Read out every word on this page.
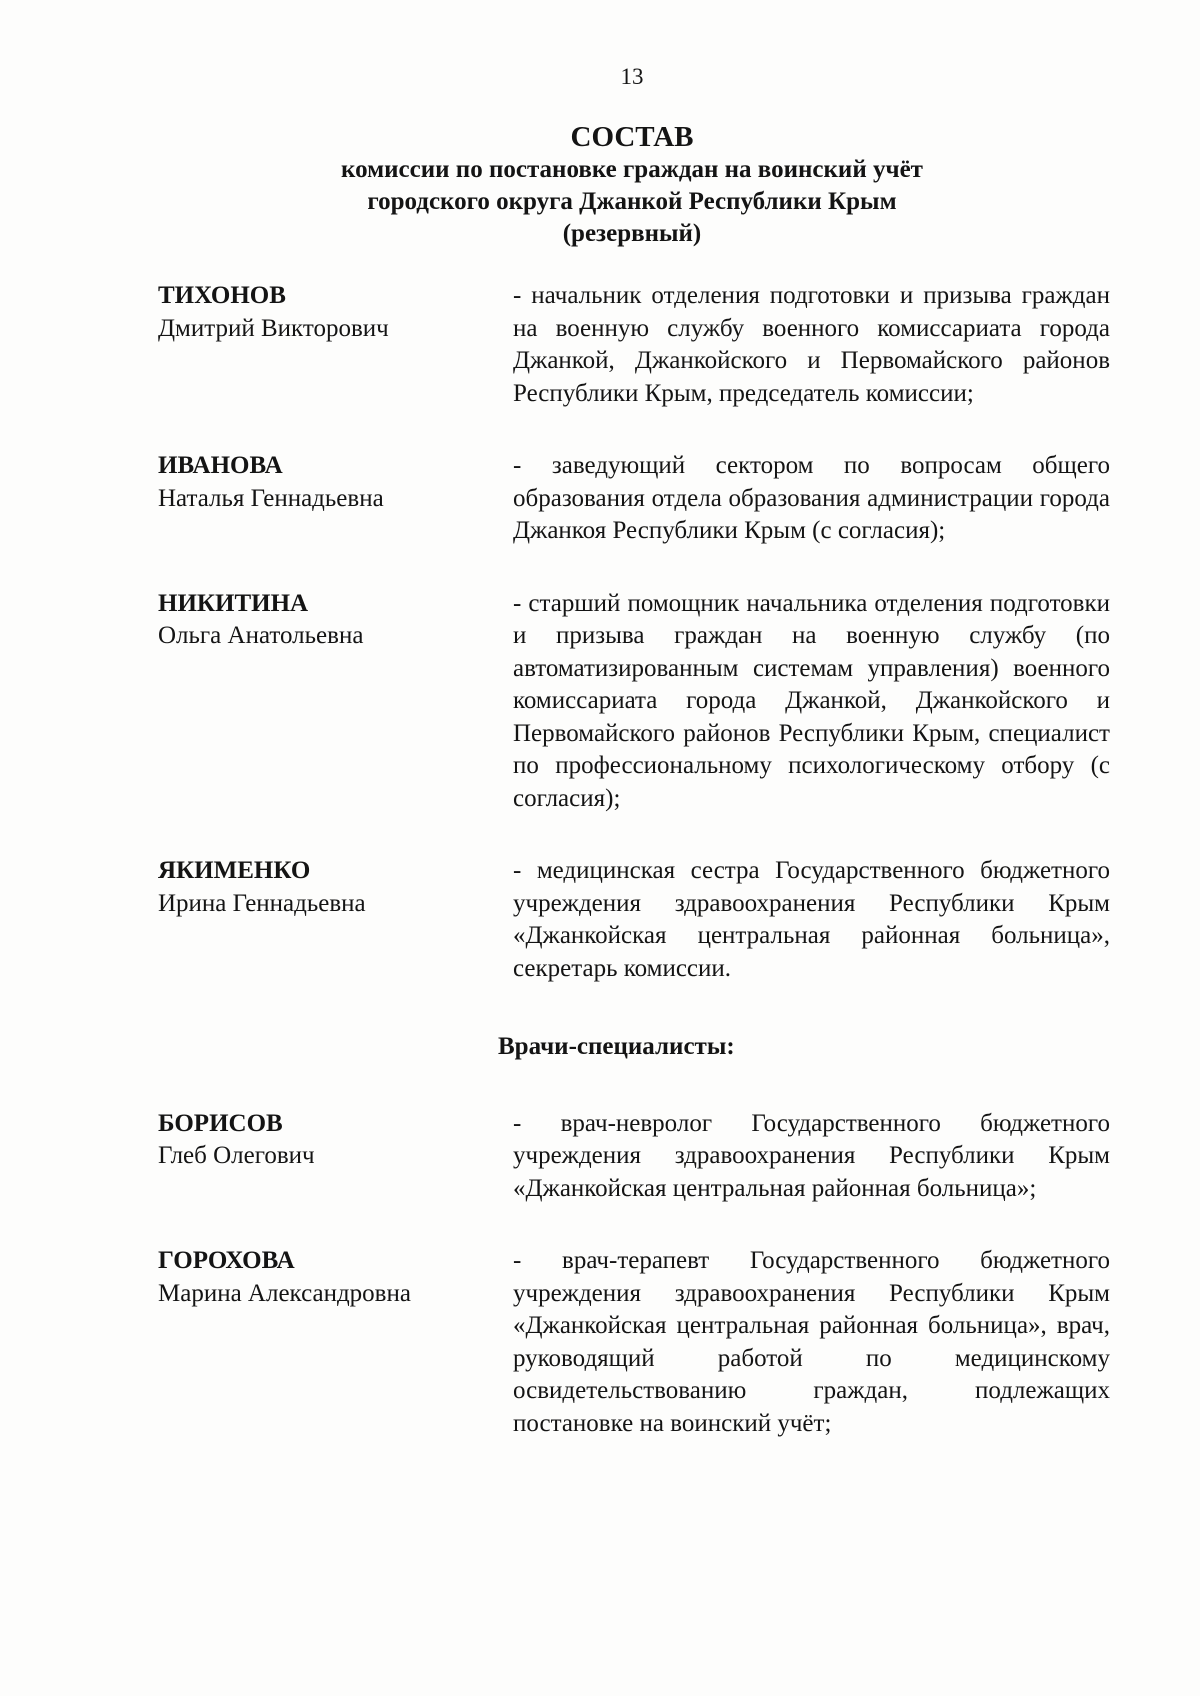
13
СОСТАВ
комиссии по постановке граждан на воинский учёт
городского округа Джанкой Республики Крым
(резервный)
ТИХОНОВ
Дмитрий Викторович
- начальник отделения подготовки и призыва граждан на военную службу военного комиссариата города Джанкой, Джанкойского и Первомайского районов Республики Крым, председатель комиссии;
ИВАНОВА
Наталья Геннадьевна
- заведующий сектором по вопросам общего образования отдела образования администрации города Джанкоя Республики Крым (с согласия);
НИКИТИНА
Ольга Анатольевна
- старший помощник начальника отделения подготовки и призыва граждан на военную службу (по автоматизированным системам управления) военного комиссариата города Джанкой, Джанкойского и Первомайского районов Республики Крым, специалист по профессиональному психологическому отбору (с согласия);
ЯКИМЕНКО
Ирина Геннадьевна
- медицинская сестра Государственного бюджетного учреждения здравоохранения Республики Крым «Джанкойская центральная районная больница», секретарь комиссии.
Врачи-специалисты:
БОРИСОВ
Глеб Олегович
- врач-невролог Государственного бюджетного учреждения здравоохранения Республики Крым «Джанкойская центральная районная больница»;
ГОРОХОВА
Марина Александровна
- врач-терапевт Государственного бюджетного учреждения здравоохранения Республики Крым «Джанкойская центральная районная больница», врач, руководящий работой по медицинскому освидетельствованию граждан, подлежащих постановке на воинский учёт;
